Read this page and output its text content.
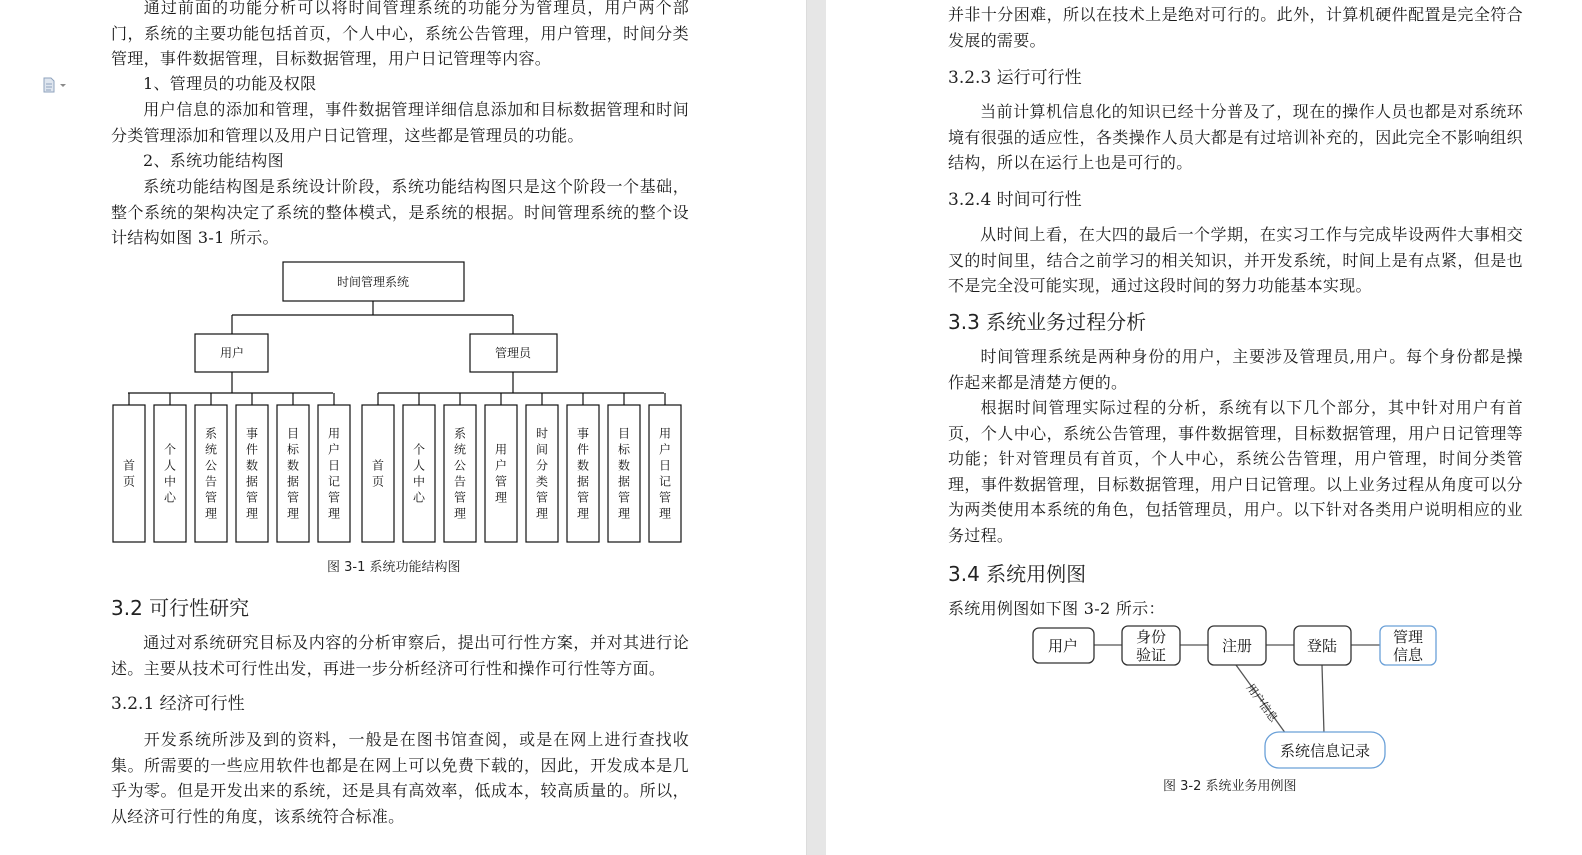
通过前面的功能分析可以将时间管理系统的功能分为管理员，用户两个部门，系统的主要功能包括首页，个人中心，系统公告管理，用户管理，时间分类管理，事件数据管理，目标数据管理，用户日记管理等内容。

1、管理员的功能及权限

用户信息的添加和管理，事件数据管理详细信息添加和目标数据管理和时间分类管理添加和管理以及用户日记管理，这些都是管理员的功能。

2、系统功能结构图

系统功能结构图是系统设计阶段，系统功能结构图只是这个阶段一个基础，整个系统的架构决定了系统的整体模式，是系统的根据。时间管理系统的整个设计结构如图 3-1 所示。

首页
个人中心
系统公告管理
事件数据管理
目标数据管理
用户日记管理
首页
个人中心
系统公告管理
用户管理
时间分类管理
事件数据管理
目标数据管理
用户日记管理
时间管理系统
用户	管理员

图 3-1 系统功能结构图

3.2 可行性研究

通过对系统研究目标及内容的分析审察后，提出可行性方案，并对其进行论述。主要从技术可行性出发，再进一步分析经济可行性和操作可行性等方面。

3.2.1 经济可行性

开发系统所涉及到的资料，一般是在图书馆查阅，或是在网上进行查找收集。所需要的一些应用软件也都是在网上可以免费下载的，因此，开发成本是几乎为零。但是开发出来的系统，还是具有高效率，低成本，较高质量的。所以，从经济可行性的角度，该系统符合标准。

并非十分困难，所以在技术上是绝对可行的。此外，计算机硬件配置是完全符合发展的需要。

3.2.3 运行可行性

当前计算机信息化的知识已经十分普及了，现在的操作人员也都是对系统环境有很强的适应性，各类操作人员大都是有过培训补充的，因此完全不影响组织结构，所以在运行上也是可行的。

3.2.4 时间可行性

从时间上看，在大四的最后一个学期，在实习工作与完成毕设两件大事相交叉的时间里，结合之前学习的相关知识，并开发系统，时间上是有点紧，但是也不是完全没可能实现，通过这段时间的努力功能基本实现。

3.3 系统业务过程分析

时间管理系统是两种身份的用户，主要涉及管理员,用户。每个身份都是操作起来都是清楚方便的。

根据时间管理实际过程的分析，系统有以下几个部分，其中针对用户有首页，个人中心，系统公告管理，事件数据管理，目标数据管理，用户日记管理等功能；针对管理员有首页，个人中心，系统公告管理，用户管理，时间分类管理，事件数据管理，目标数据管理，用户日记管理。以上业务过程从角度可以分为两类使用本系统的角色，包括管理员，用户。以下针对各类用户说明相应的业务过程。

3.4 系统用例图

系统用例图如下图 3-2 所示：

用户	身份
验证	注册	登陆	管理
信息
用户信息
系统信息记录

图 3-2 系统业务用例图
